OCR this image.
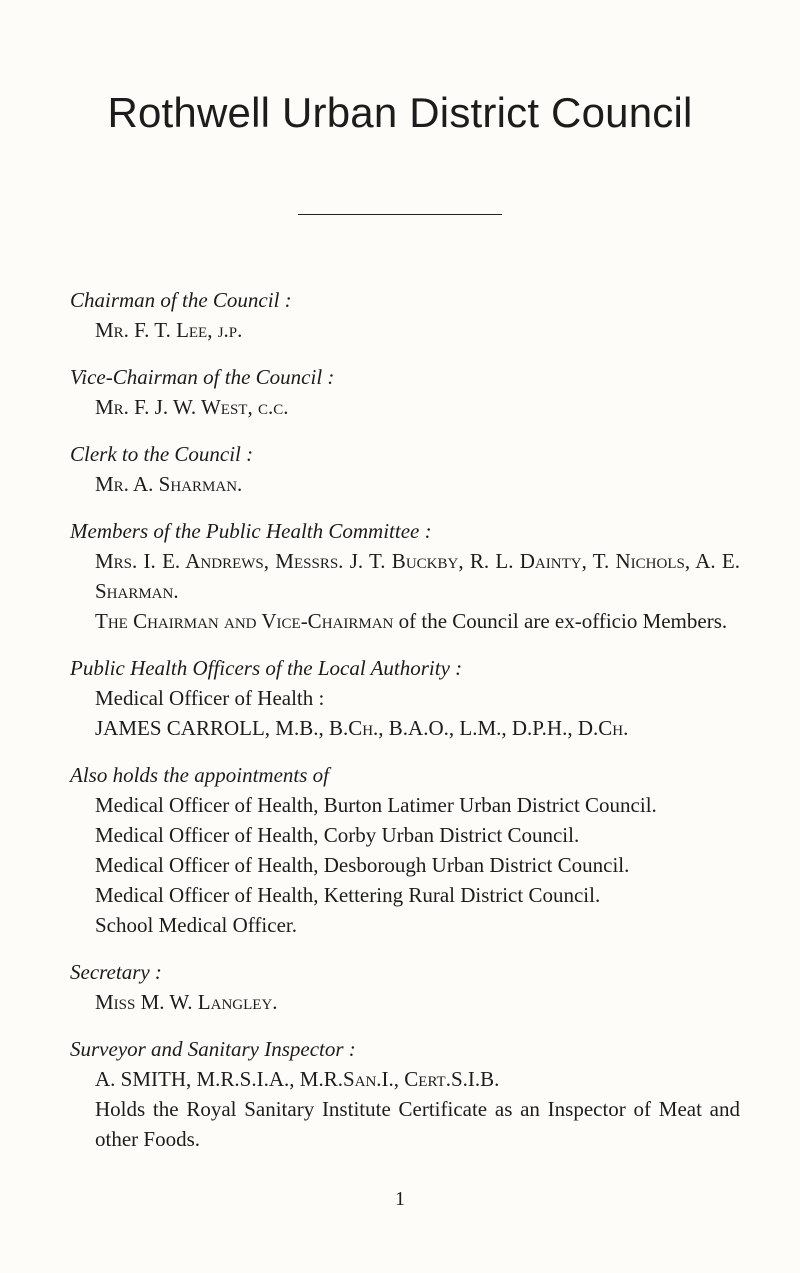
Rothwell Urban District Council
Chairman of the Council :
Mr. F. T. Lee, j.p.
Vice-Chairman of the Council :
Mr. F. J. W. West, c.c.
Clerk to the Council :
Mr. A. Sharman.
Members of the Public Health Committee :
Mrs. I. E. Andrews, Messrs. J. T. Buckby, R. L. Dainty, T. Nichols, A. E. Sharman.
The Chairman and Vice-Chairman of the Council are ex-officio Members.
Public Health Officers of the Local Authority :
Medical Officer of Health :
JAMES CARROLL, M.B., B.Ch., B.A.O., L.M., D.P.H., D.Ch.
Also holds the appointments of
Medical Officer of Health, Burton Latimer Urban District Council.
Medical Officer of Health, Corby Urban District Council.
Medical Officer of Health, Desborough Urban District Council.
Medical Officer of Health, Kettering Rural District Council.
School Medical Officer.
Secretary :
Miss M. W. Langley.
Surveyor and Sanitary Inspector :
A. SMITH, M.R.S.I.A., M.R.San.I., Cert.S.I.B.
Holds the Royal Sanitary Institute Certificate as an Inspector of Meat and other Foods.
1
